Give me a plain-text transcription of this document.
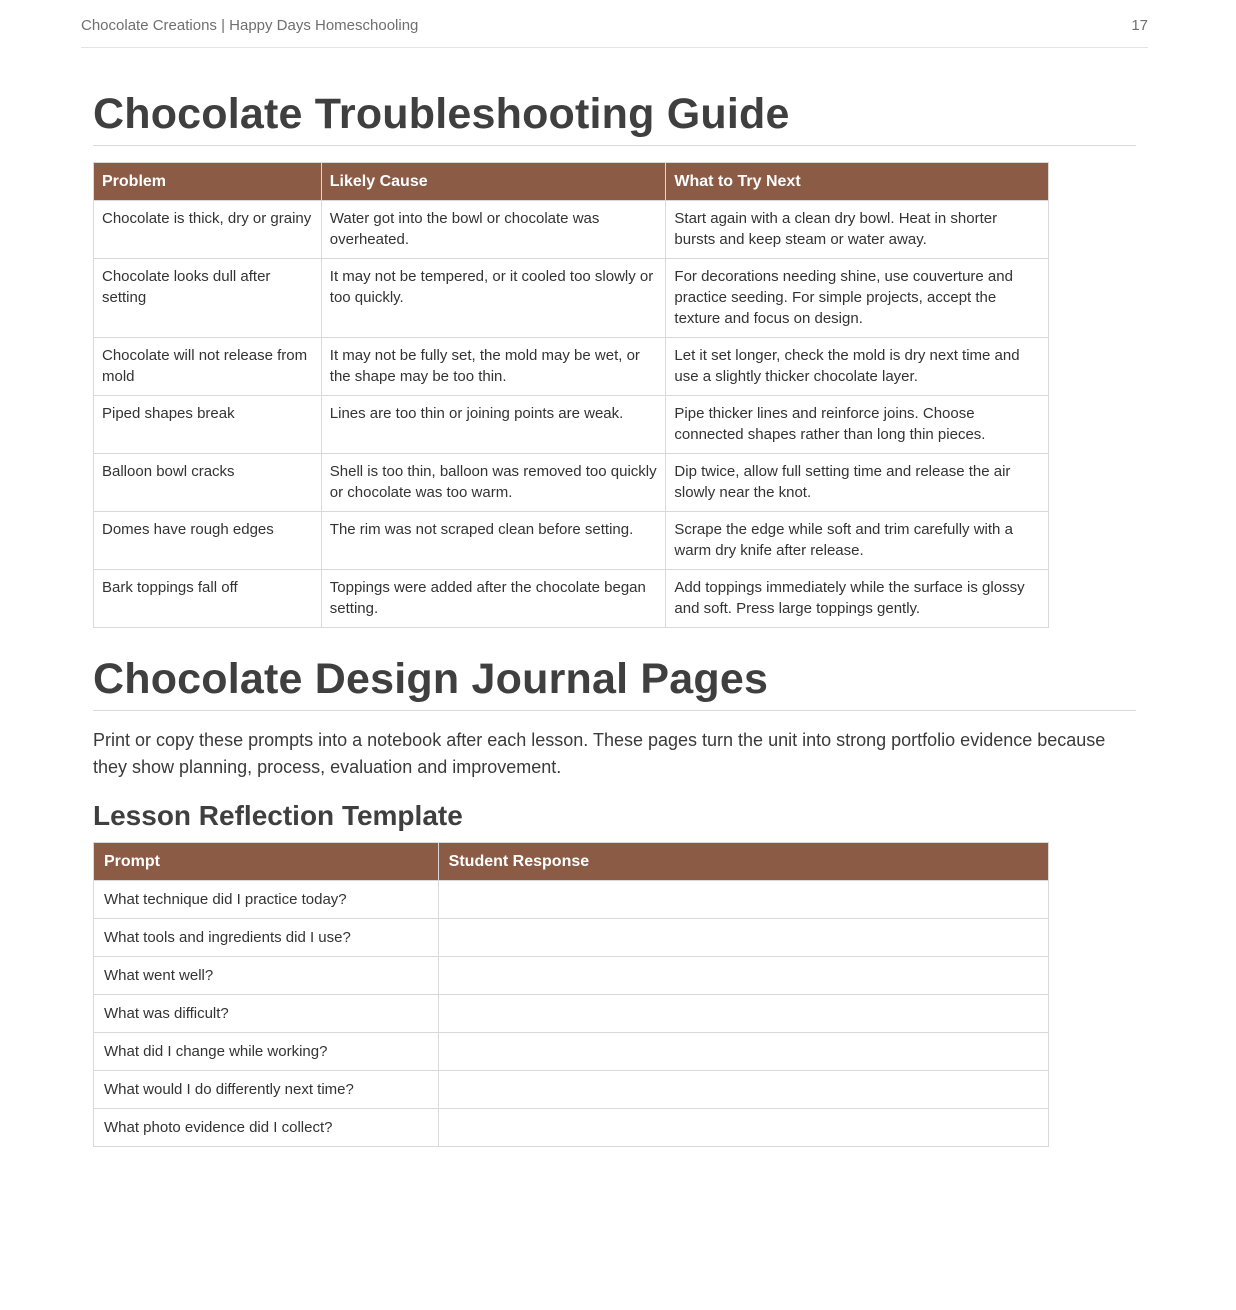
Chocolate Creations | Happy Days Homeschooling	17
Chocolate Troubleshooting Guide
Problem	Likely Cause	What to Try Next
Chocolate is thick, dry or grainy	Water got into the bowl or chocolate was overheated.	Start again with a clean dry bowl. Heat in shorter bursts and keep steam or water away.
Chocolate looks dull after setting	It may not be tempered, or it cooled too slowly or too quickly.	For decorations needing shine, use couverture and practice seeding. For simple projects, accept the texture and focus on design.
Chocolate will not release from mold	It may not be fully set, the mold may be wet, or the shape may be too thin.	Let it set longer, check the mold is dry next time and use a slightly thicker chocolate layer.
Piped shapes break	Lines are too thin or joining points are weak.	Pipe thicker lines and reinforce joins. Choose connected shapes rather than long thin pieces.
Balloon bowl cracks	Shell is too thin, balloon was removed too quickly or chocolate was too warm.	Dip twice, allow full setting time and release the air slowly near the knot.
Domes have rough edges	The rim was not scraped clean before setting.	Scrape the edge while soft and trim carefully with a warm dry knife after release.
Bark toppings fall off	Toppings were added after the chocolate began setting.	Add toppings immediately while the surface is glossy and soft. Press large toppings gently.
Chocolate Design Journal Pages

Print or copy these prompts into a notebook after each lesson. These pages turn the unit into strong portfolio evidence because they show planning, process, evaluation and improvement.

Lesson Reflection Template
Prompt	Student Response
What technique did I practice today?	
What tools and ingredients did I use?	
What went well?	
What was difficult?	
What did I change while working?	
What would I do differently next time?	
What photo evidence did I collect?	
